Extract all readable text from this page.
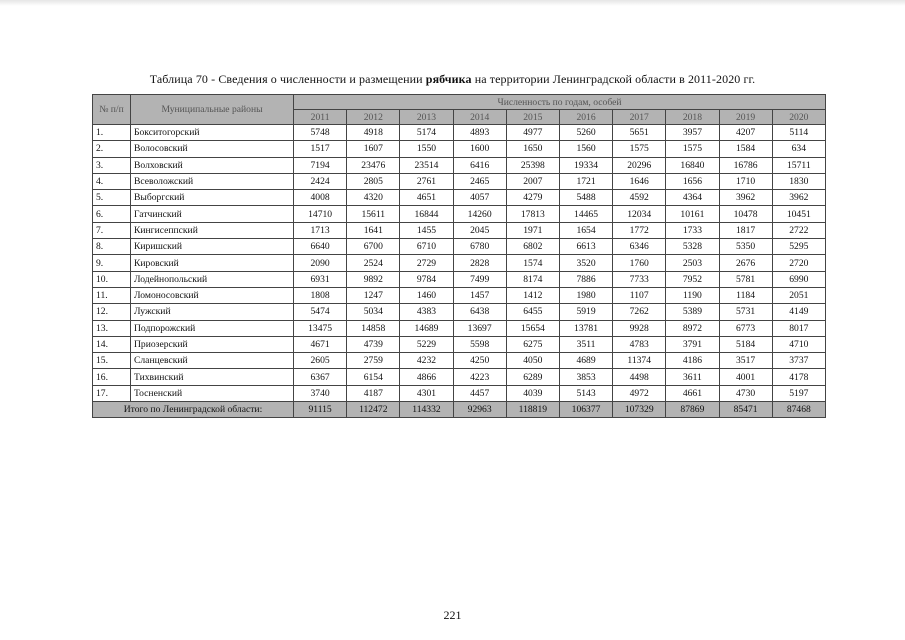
Таблица 70 - Сведения о численности и размещении рябчика на территории Ленинградской области в 2011-2020 гг.
№ п/п	Муниципальные районы	Численность по годам, особей									
		2011	2012	2013	2014	2015	2016	2017	2018	2019	2020
1.	Бокситогорский	5748	4918	5174	4893	4977	5260	5651	3957	4207	5114
2.	Волосовский	1517	1607	1550	1600	1650	1560	1575	1575	1584	634
3.	Волховский	7194	23476	23514	6416	25398	19334	20296	16840	16786	15711
4.	Всеволожский	2424	2805	2761	2465	2007	1721	1646	1656	1710	1830
5.	Выборгский	4008	4320	4651	4057	4279	5488	4592	4364	3962	3962
6.	Гатчинский	14710	15611	16844	14260	17813	14465	12034	10161	10478	10451
7.	Кингисеппский	1713	1641	1455	2045	1971	1654	1772	1733	1817	2722
8.	Киришский	6640	6700	6710	6780	6802	6613	6346	5328	5350	5295
9.	Кировский	2090	2524	2729	2828	1574	3520	1760	2503	2676	2720
10.	Лодейнопольский	6931	9892	9784	7499	8174	7886	7733	7952	5781	6990
11.	Ломоносовский	1808	1247	1460	1457	1412	1980	1107	1190	1184	2051
12.	Лужский	5474	5034	4383	6438	6455	5919	7262	5389	5731	4149
13.	Подпорожский	13475	14858	14689	13697	15654	13781	9928	8972	6773	8017
14.	Приозерский	4671	4739	5229	5598	6275	3511	4783	3791	5184	4710
15.	Сланцевский	2605	2759	4232	4250	4050	4689	11374	4186	3517	3737
16.	Тихвинский	6367	6154	4866	4223	6289	3853	4498	3611	4001	4178
17.	Тосненский	3740	4187	4301	4457	4039	5143	4972	4661	4730	5197
Итого по Ленинградской области:		91115	112472	114332	92963	118819	106377	107329	87869	85471	87468
221
